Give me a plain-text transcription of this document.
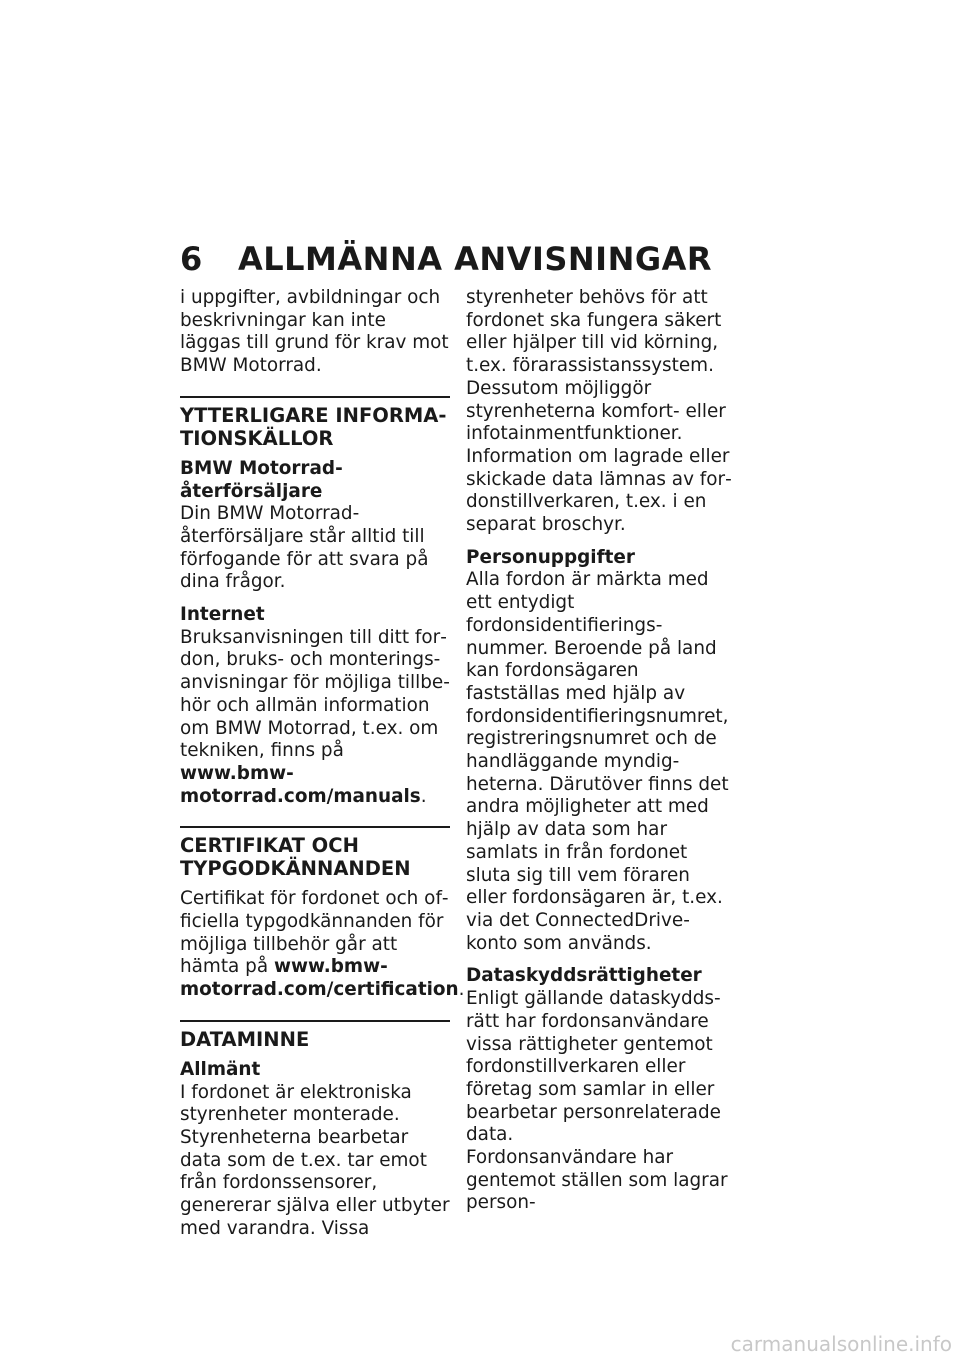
6 ALLMÄNNA ANVISNINGAR

i uppgifter, avbildningar och beskrivningar kan inte läggas till grund för krav mot BMW Motorrad.

YTTERLIGARE INFORMATIONSKÄLLOR
BMW Motorrad-återförsäljare

Din BMW Motorrad-återförsäljare står alltid till förfogande för att svara på dina frågor.

Internet

Bruksanvisningen till ditt fordon, bruks- och monteringsanvisningar för möjliga tillbehör och allmän information om BMW Motorrad, t.ex. om tekniken, finns på www.bmw-motorrad.com/manuals.

CERTIFIKAT OCH TYPGODKÄNNANDEN

Certifikat för fordonet och officiella typgodkännanden för möjliga tillbehör går att hämta på www.bmw-motorrad.com/certification.

DATAMINNE
Allmänt

I fordonet är elektroniska styrenheter monterade. Styrenheterna bearbetar data som de t.ex. tar emot från fordonssensorer, genererar själva eller utbyter med varandra. Vissa

styrenheter behövs för att fordonet ska fungera säkert eller hjälper till vid körning, t.ex. förarassistanssystem. Dessutom möjliggör styrenheterna komfort- eller infotainmentfunktioner.

Information om lagrade eller skickade data lämnas av fordonstillverkaren, t.ex. i en separat broschyr.

Personuppgifter

Alla fordon är märkta med ett entydigt fordonsidentifieringsnummer. Beroende på land kan fordonsägaren fastställas med hjälp av fordonsidentifieringsnumret, registreringsnumret och de handläggande myndigheterna. Därutöver finns det andra möjligheter att med hjälp av data som har samlats in från fordonet sluta sig till vem föraren eller fordonsägaren är, t.ex. via det ConnectedDrive-konto som används.

Dataskyddsrättigheter

Enligt gällande dataskyddsrätt har fordonsanvändare vissa rättigheter gentemot fordonstillverkaren eller företag som samlar in eller bearbetar personrelaterade data.

Fordonsanvändare har gentemot ställen som lagrar person-

carmanualsonline.info
